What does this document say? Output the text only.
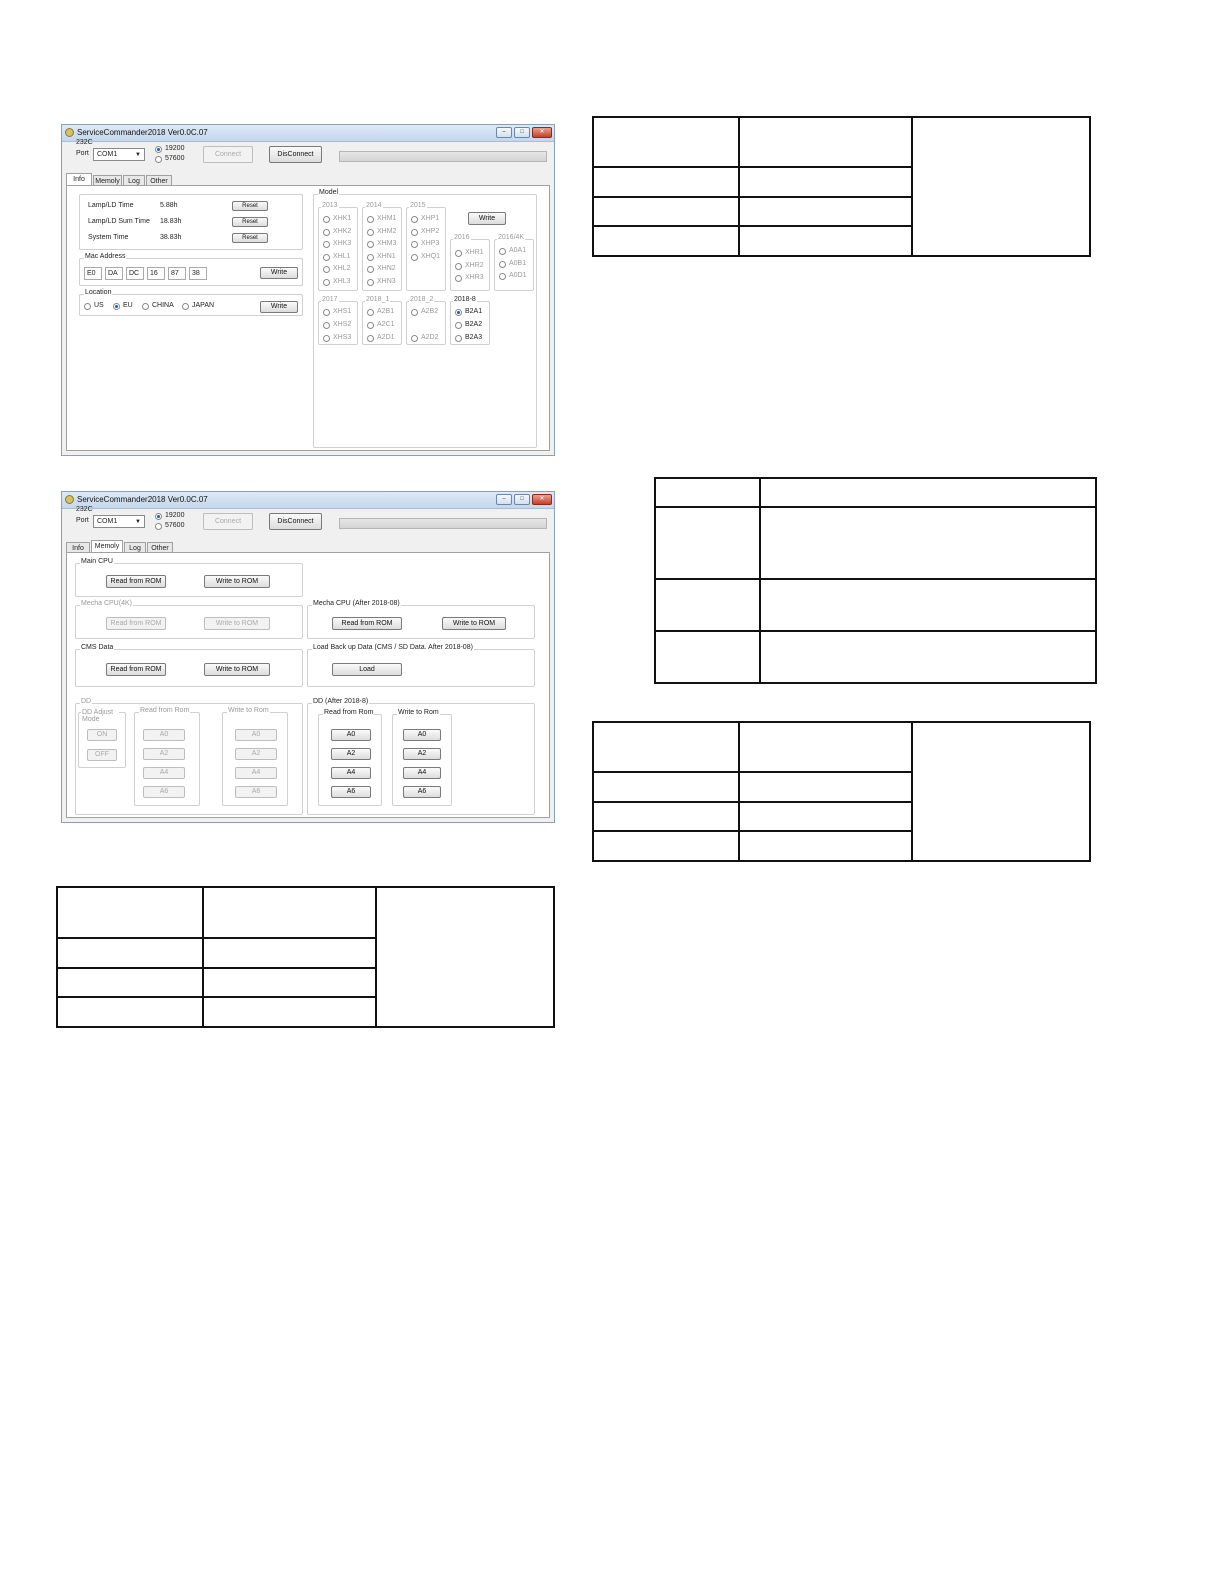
ServiceCommander2018 Ver0.0C.07	–	□	✕
232C
Port	COM1	▼
19200
57600
Connect	DisConnect
Info	Memoly	Log	Other
Lamp/LD Time	5.88h	Reset
Lamp/LD Sum Time 18.83h	Reset
System Time	38.83h	Reset
Mac Address
E0	DA	DC	16	87	38	Write
Location
US	EU	CHINA	JAPAN	Write
Model
2013
XHK1
XHK2
XHK3
XHL1
XHL2
XHL3
2014
XHM1
XHM2
XHM3
XHN1
XHN2
XHN3
2015
XHP1
XHP2
XHP3
XHQ1
Write
2016
XHR1
XHR2
XHR3
2016/4K
A0A1
A0B1
A0D1
2017
XHS1
XHS2
XHS3
2018_1
A2B1
A2C1
A2D1
2018_2
A2B2
A2D2
2018-8
B2A1
B2A2
B2A3
ServiceCommander2018 Ver0.0C.07	–	□	✕
232C
Port	COM1	▼
19200
57600
Connect	DisConnect
Info	Memoly	Log	Other
Main CPU
Read from ROM	Write to ROM
Mecha CPU(4K)
Read from ROM	Write to ROM
Mecha CPU (After 2018-08)
Read from ROM	Write to ROM
CMS Data
Read from ROM	Write to ROM
Load Back up Data (CMS / SD Data. After 2018-08)
Load
DD
DD Adjust Mode
ON
OFF
Read from Rom
A0
A2
A4
A6
Write to Rom
A0
A2
A4
A6
DD (After 2018-8)
Read from Rom
A0
A2
A4
A6
Write to Rom
A0
A2
A4
A6
